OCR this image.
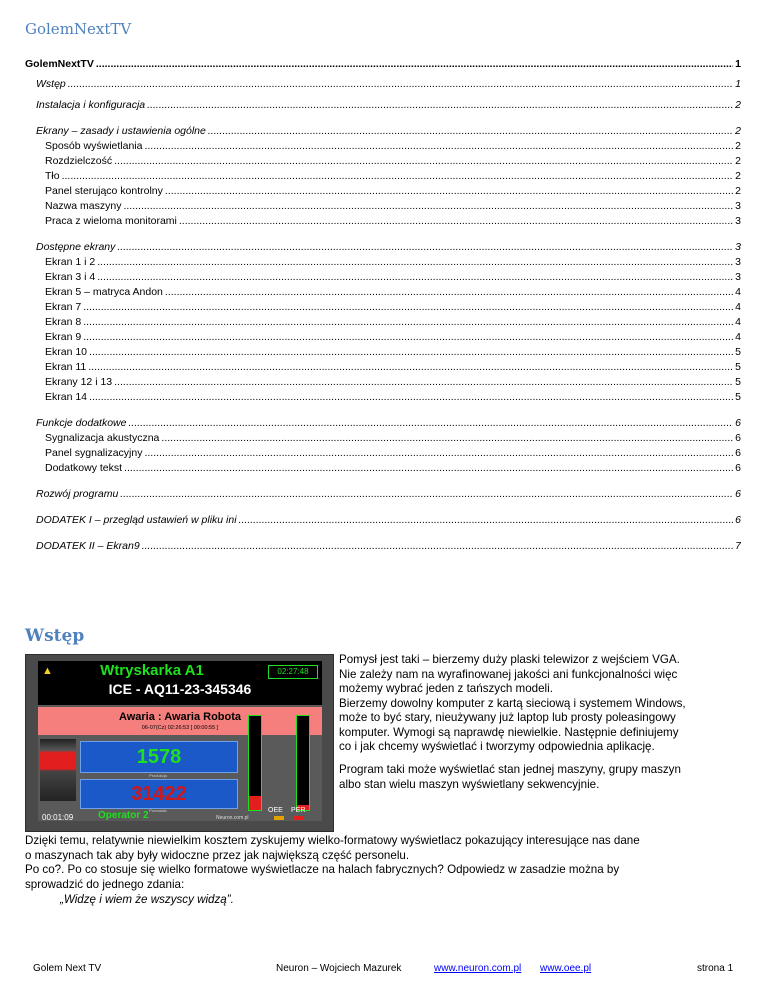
GolemNextTV
GolemNextTV .....	1
Wstęp .....	1
Instalacja i konfiguracja .....	2
Ekrany – zasady i ustawienia ogólne .....	2
Sposób wyświetlania .....	2
Rozdzielczość .....	2
Tło .....	2
Panel sterująco kontrolny .....	2
Nazwa maszyny .....	3
Praca z wieloma monitorami .....	3
Dostępne ekrany .....	3
Ekran 1 i 2 .....	3
Ekran 3 i 4 .....	3
Ekran 5 – matryca Andon .....	4
Ekran 7 .....	4
Ekran 8 .....	4
Ekran 9 .....	4
Ekran 10 .....	5
Ekran 11 .....	5
Ekrany 12 i 13 .....	5
Ekran 14 .....	5
Funkcje dodatkowe .....	6
Sygnalizacja akustyczna .....	6
Panel sygnalizacyjny .....	6
Dodatkowy tekst .....	6
Rozwój programu .....	6
DODATEK I – przegląd ustawień w pliku ini .....	6
DODATEK II – Ekran9 .....	7
Wstęp
▲	Wtryskarka A1	02:27:48
ICE - AQ11-23-345346
Awaria : Awaria Robota
06-07(Cz) 02:26:53 [ 00:00:55 ]
1578
Produkcja
31422
Pozostało
00:01:09 Operator 2	Neuron.com.pl
OEE PER

Pomysł jest taki – bierzemy duży plaski telewizor z wejściem VGA.
Nie zależy nam na wyrafinowanej jakości ani funkcjonalności więc
możemy wybrać jeden z tańszych modeli.
Bierzemy dowolny komputer z kartą sieciową i systemem Windows,
może to być stary, nieużywany już laptop lub prosty poleasingowy
komputer. Wymogi są naprawdę niewielkie. Następnie definiujemy
co i jak chcemy wyświetlać i tworzymy odpowiednia aplikację.

Program taki może wyświetlać stan jednej maszyny, grupy maszyn
albo stan wielu maszyn wyświetlany sekwencyjnie.

Dzięki temu, relatywnie niewielkim kosztem zyskujemy wielko-formatowy wyświetlacz pokazujący interesujące nas dane
o maszynach tak aby były widoczne przez jak największą część personelu.
Po co?. Po co stosuje się wielko formatowe wyświetlacze na halach fabrycznych? Odpowiedz w zasadzie można by
sprowadzić do jednego zdania:

„Widzę i wiem że wszyscy widzą”.

Golem Next TV	Neuron – Wojciech Mazurek	www.neuron.com.pl www.oee.pl	strona 1
